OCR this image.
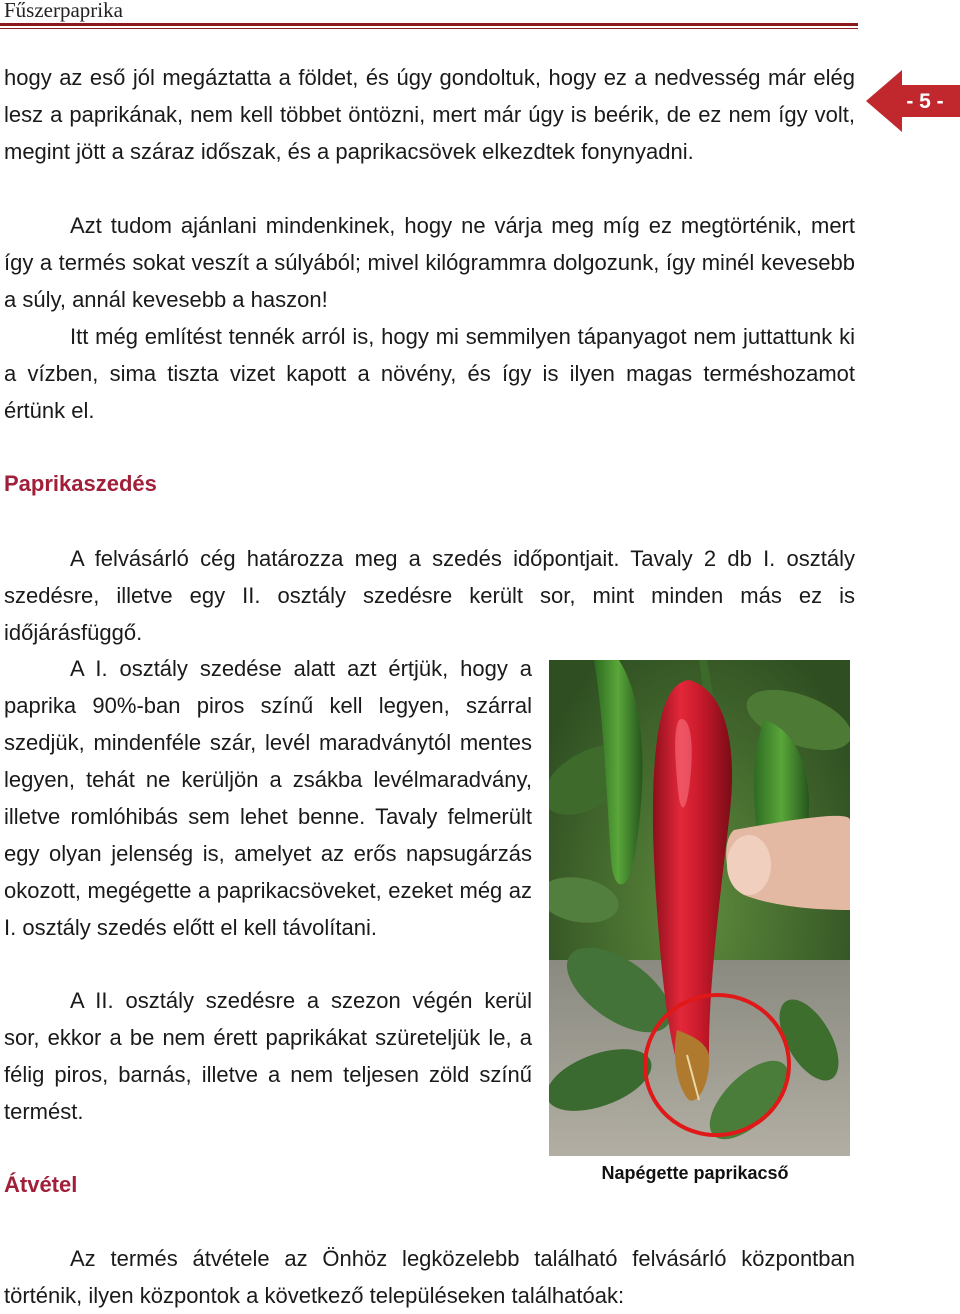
Fűszerpaprika
- 5 -

hogy az eső jól megáztatta a földet, és úgy gondoltuk, hogy ez a nedvesség már elég lesz a paprikának, nem kell többet öntözni, mert már úgy is beérik, de ez nem így volt, megint jött a száraz időszak, és a paprikacsövek elkezdtek fonynyadni.

Azt tudom ajánlani mindenkinek, hogy ne várja meg míg ez megtörténik, mert így a termés sokat veszít a súlyából; mivel kilógrammra dolgozunk, így minél kevesebb a súly, annál kevesebb a haszon!

Itt még említést tennék arról is, hogy mi semmilyen tápanyagot nem juttattunk ki a vízben, sima tiszta vizet kapott a növény, és így is ilyen magas terméshozamot értünk el.

Paprikaszedés

A felvásárló cég határozza meg a szedés időpontjait. Tavaly 2 db I. osztály szedésre, illetve egy II. osztály szedésre került sor, mint minden más ez is időjárásfüggő.

A I. osztály szedése alatt azt értjük, hogy a paprika 90%-ban piros színű kell legyen, szárral szedjük, mindenféle szár, levél maradványtól mentes legyen, tehát ne kerüljön a zsákba levélmaradvány, illetve romlóhibás sem lehet benne. Tavaly felmerült egy olyan jelenség is, amelyet az erős napsugárzás okozott, megégette a paprikacsöveket, ezeket még az I. osztály szedés előtt el kell távolítani.

A II. osztály szedésre a szezon végén kerül sor, ekkor a be nem érett paprikákat szüreteljük le, a félig piros, barnás, illetve a nem teljesen zöld színű termést.

Átvétel

Az termés átvétele az Önhöz legközelebb található felvásárló központban történik, ilyen központok a következő településeken találhatóak:

Napégette paprikacső
